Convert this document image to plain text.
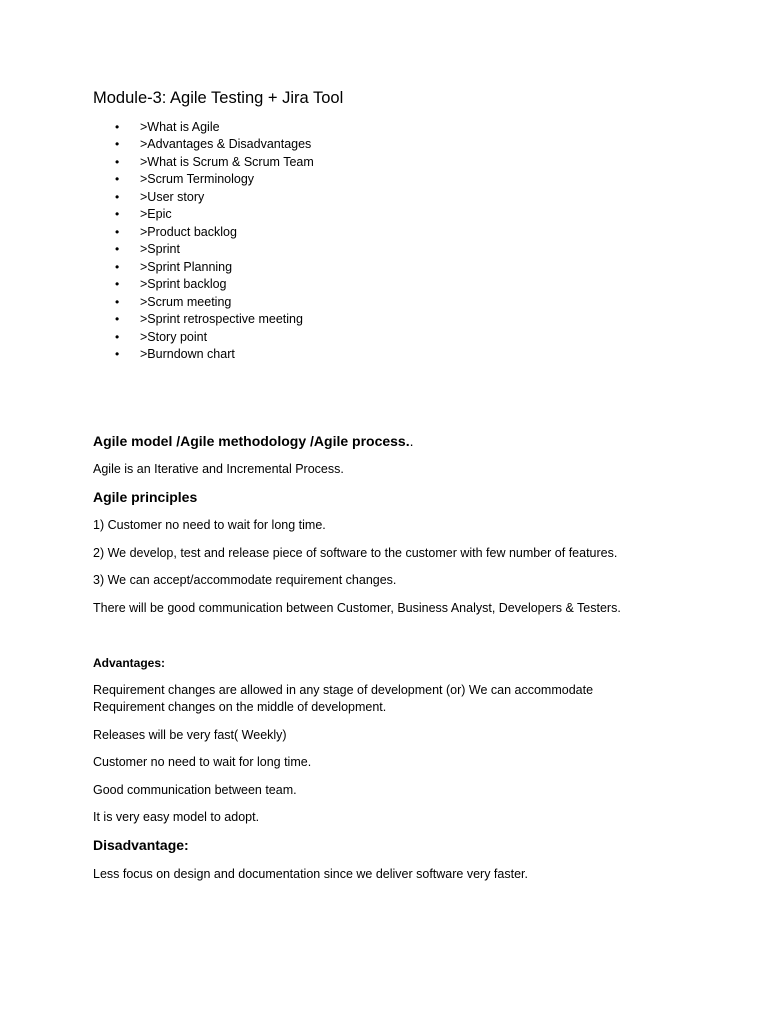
Module-3: Agile Testing + Jira Tool
•	>What is Agile
•	>Advantages & Disadvantages
•	>What is Scrum & Scrum Team
•	>Scrum Terminology
•	>User story
•	>Epic
•	>Product backlog
•	>Sprint
•	>Sprint Planning
•	>Sprint backlog
•	>Scrum meeting
•	>Sprint retrospective meeting
•	>Story point
•	>Burndown chart
Agile model /Agile methodology /Agile process..

Agile is an Iterative and Incremental Process.

Agile principles

1) Customer no need to wait for long time.

2) We develop, test and release piece of software to the customer with few number of features.

3) We can accept/accommodate requirement changes.

There will be good communication between Customer, Business Analyst, Developers & Testers.

Advantages:

Requirement changes are allowed in any stage of development (or) We can accommodate Requirement changes on the middle of development.

Releases will be very fast( Weekly)

Customer no need to wait for long time.

Good communication between team.

It is very easy model to adopt.

Disadvantage:

Less focus on design and documentation since we deliver software very faster.
